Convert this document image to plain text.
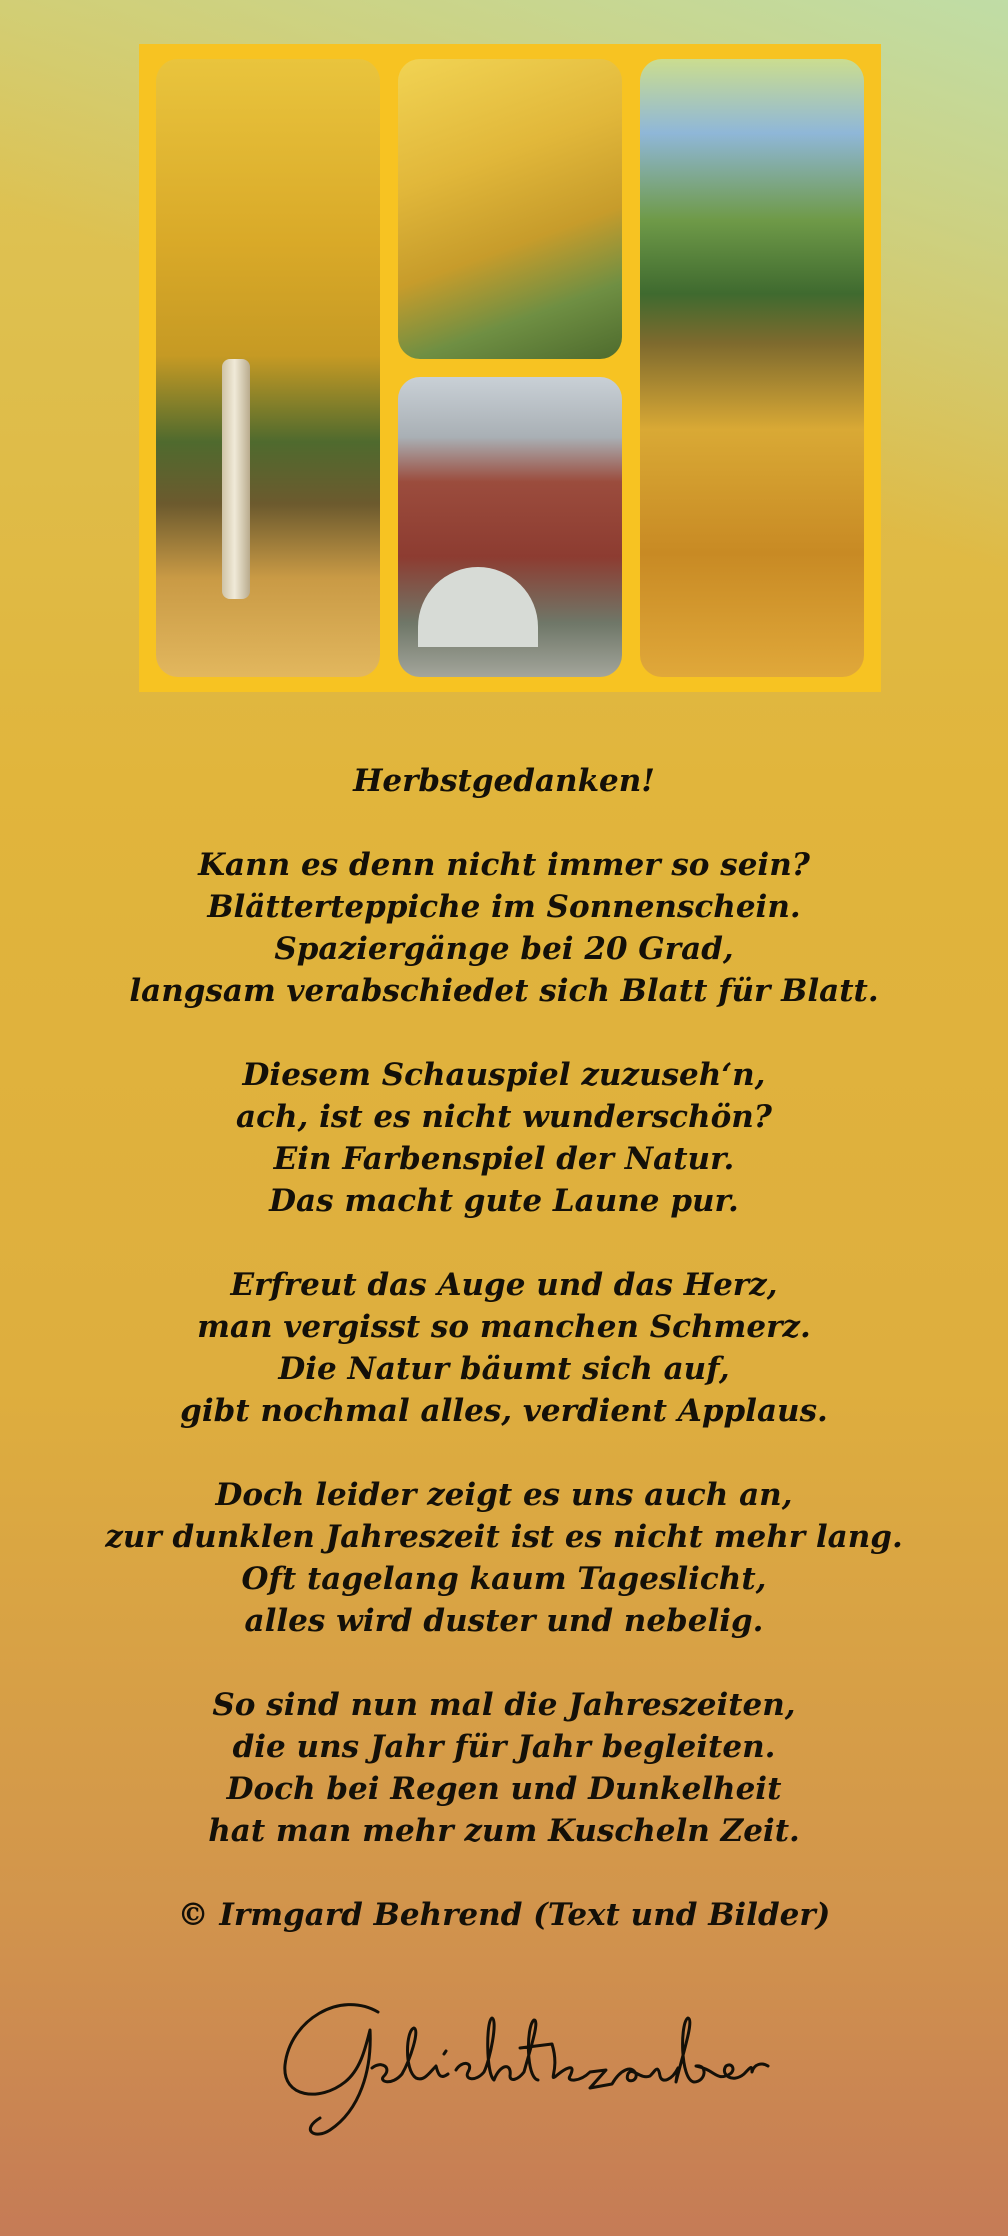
Herbstgedanken!
Kann es denn nicht immer so sein?
Blätterteppiche im Sonnenschein.
Spaziergänge bei 20 Grad,
langsam verabschiedet sich Blatt für Blatt.
Diesem Schauspiel zuzuseh‘n,
ach, ist es nicht wunderschön?
Ein Farbenspiel der Natur.
Das macht gute Laune pur.
Erfreut das Auge und das Herz,
man vergisst so manchen Schmerz.
Die Natur bäumt sich auf,
gibt nochmal alles, verdient Applaus.
Doch leider zeigt es uns auch an,
zur dunklen Jahreszeit ist es nicht mehr lang.
Oft tagelang kaum Tageslicht,
alles wird duster und nebelig.
So sind nun mal die Jahreszeiten,
die uns Jahr für Jahr begleiten.
Doch bei Regen und Dunkelheit
hat man mehr zum Kuscheln Zeit.
© Irmgard Behrend (Text und Bilder)
